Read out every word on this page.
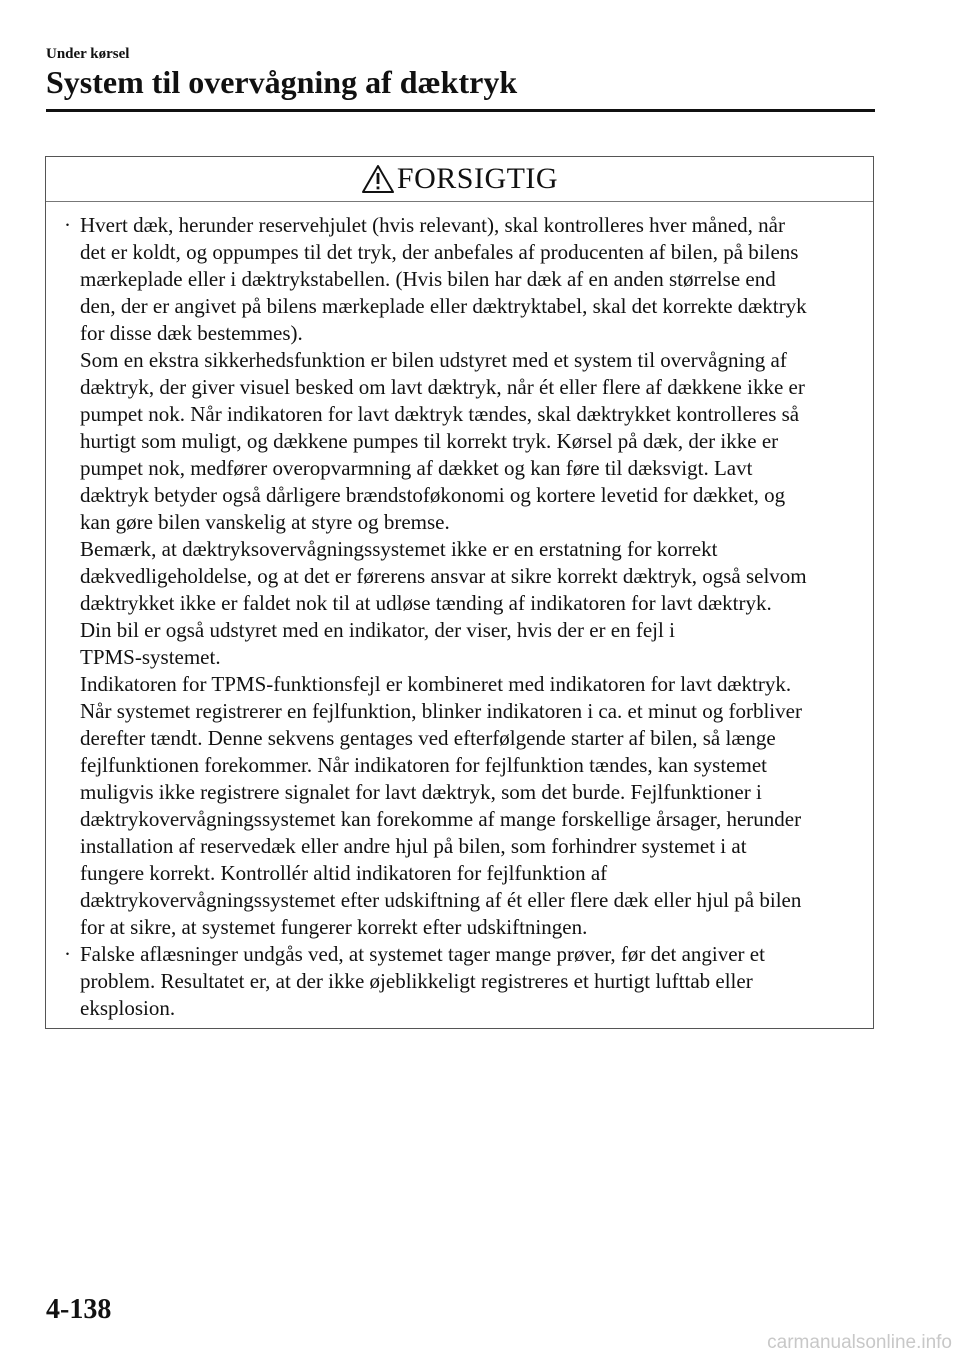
Under kørsel
System til overvågning af dæktryk
FORSIGTIG
· Hvert dæk, herunder reservehjulet (hvis relevant), skal kontrolleres hver måned, når
det er koldt, og oppumpes til det tryk, der anbefales af producenten af bilen, på bilens
mærkeplade eller i dæktrykstabellen. (Hvis bilen har dæk af en anden størrelse end
den, der er angivet på bilens mærkeplade eller dæktryktabel, skal det korrekte dæktryk
for disse dæk bestemmes).

Som en ekstra sikkerhedsfunktion er bilen udstyret med et system til overvågning af
dæktryk, der giver visuel besked om lavt dæktryk, når ét eller flere af dækkene ikke er
pumpet nok. Når indikatoren for lavt dæktryk tændes, skal dæktrykket kontrolleres så
hurtigt som muligt, og dækkene pumpes til korrekt tryk. Kørsel på dæk, der ikke er
pumpet nok, medfører overopvarmning af dækket og kan føre til dæksvigt. Lavt
dæktryk betyder også dårligere brændstoføkonomi og kortere levetid for dækket, og
kan gøre bilen vanskelig at styre og bremse.

Bemærk, at dæktryksovervågningssystemet ikke er en erstatning for korrekt
dækvedligeholdelse, og at det er førerens ansvar at sikre korrekt dæktryk, også selvom
dæktrykket ikke er faldet nok til at udløse tænding af indikatoren for lavt dæktryk.

Din bil er også udstyret med en indikator, der viser, hvis der er en fejl i
TPMS-systemet.

Indikatoren for TPMS-funktionsfejl er kombineret med indikatoren for lavt dæktryk.
Når systemet registrerer en fejlfunktion, blinker indikatoren i ca. et minut og forbliver
derefter tændt. Denne sekvens gentages ved efterfølgende starter af bilen, så længe
fejlfunktionen forekommer. Når indikatoren for fejlfunktion tændes, kan systemet
muligvis ikke registrere signalet for lavt dæktryk, som det burde. Fejlfunktioner i
dæktrykovervågningssystemet kan forekomme af mange forskellige årsager, herunder
installation af reservedæk eller andre hjul på bilen, som forhindrer systemet i at
fungere korrekt. Kontrollér altid indikatoren for fejlfunktion af
dæktrykovervågningssystemet efter udskiftning af ét eller flere dæk eller hjul på bilen
for at sikre, at systemet fungerer korrekt efter udskiftningen.

· Falske aflæsninger undgås ved, at systemet tager mange prøver, før det angiver et
problem. Resultatet er, at der ikke øjeblikkeligt registreres et hurtigt lufttab eller
eksplosion.

4-138
carmanualsonline.info
